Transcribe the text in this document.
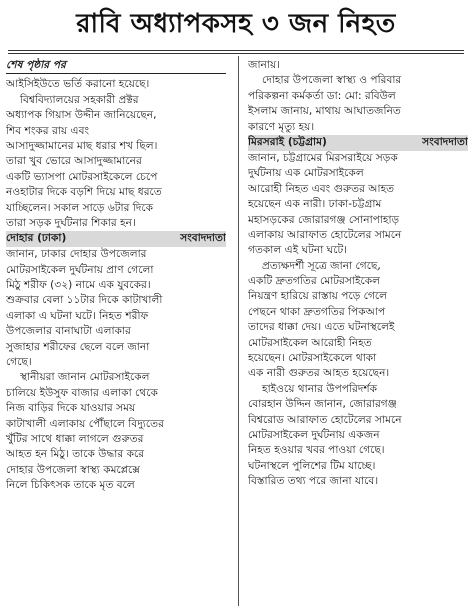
রাবি অধ্যাপকসহ ৩ জন নিহত
শেষ পৃষ্ঠার পর
আইসিইউতে ভর্তি করানো হয়েছে।
বিশ্ববিদ্যালয়ের সহকারী প্রক্টর
অধ্যাপক গিয়াস উদ্দীন জানিয়েছেন,
শিব শংকর রায় এবং
আসাদুজ্জামানের মাছ ধরার শখ ছিল।
তারা খুব ভোরে আসাদুজ্জামানের
একটি ভ্যাসপা মোটরসাইকেলে চেপে
নওহাটার দিকে বড়শি দিয়ে মাছ ধরতে
যাচ্ছিলেন। সকাল সাড়ে ৬টার দিকে
তারা সড়ক দুর্ঘটনার শিকার হন।
দোহার (ঢাকা)	সংবাদদাতা
জানান, ঢাকার দোহার উপজেলার
মোটরসাইকেল দুর্ঘটনায় প্রাণ গেলো
মিঠু শরীফ (৩২) নামে এক যুবকের।
শুক্রবার বেলা ১১টার দিকে কাটাখালী
এলাকা এ ঘটনা ঘটে। নিহত শরীফ
উপজেলার বানাঘাটা এলাকার
সুজাহার শরীফের ছেলে বলে জানা
গেছে।
স্থানীয়রা জানান মোটরসাইকেল
চালিয়ে ইউসুফ বাজার এলাকা থেকে
নিজ বাড়ির দিকে যাওয়ার সময়
কাটাখালী এলাকায় পৌঁছালে বিদ্যুতের
খুঁটির সাথে ধাক্কা লাগলে গুরুতর
আহত হন মিঠু। তাকে উদ্ধার করে
দোহার উপজেলা স্বাস্থ্য কমপ্লেক্সে
নিলে চিকিৎসক তাকে মৃত বলে
জানায়।
দোহার উপজেলা স্বাস্থ্য ও পরিবার
পরিকল্পনা কর্মকর্তা ডা: মো: রবিউল
ইসলাম জানায়, মাথায় আঘাতজনিত
কারণে মৃত্যু হয়।
মিরসরাই (চট্টগ্রাম)	সংবাদদাতা
জানান, চট্টগ্রামের মিরসরাইয়ে সড়ক
দুর্ঘটনায় এক মোটরসাইকেল
আরোহী নিহত এবং গুরুতর আহত
হয়েছেন এক নারী। ঢাকা-চট্টগ্রাম
মহাসড়কের জোরারগঞ্জ সোনাপাহাড়
এলাকায় আরাফাত হোটেলের সামনে
গতকাল এই ঘটনা ঘটে।
প্রত্যক্ষদর্শী সূত্রে জানা গেছে,
একটি দ্রুতগতির মোটরসাইকেল
নিয়ন্ত্রণ হারিয়ে রাস্তায় পড়ে গেলে
পেছনে থাকা দ্রুতগতির পিকআপ
তাদের ধাক্কা দেয়। এতে ঘটনাস্থলেই
মোটরসাইকেল আরোহী নিহত
হয়েছেন। মোটরসাইকেলে থাকা
এক নারী গুরুতর আহত হয়েছেন।
হাইওয়ে থানার উপপরিদর্শক
বোরহান উদ্দিন জানান, জোরারগঞ্জ
বিশ্বরোড আরাফাত হোটেলের সামনে
মোটরসাইকেল দুর্ঘটনায় একজন
নিহত হওয়ার খবর পাওয়া গেছে।
ঘটনাস্থলে পুলিশের টিম যাচ্ছে।
বিস্তারিত তথ্য পরে জানা যাবে।
